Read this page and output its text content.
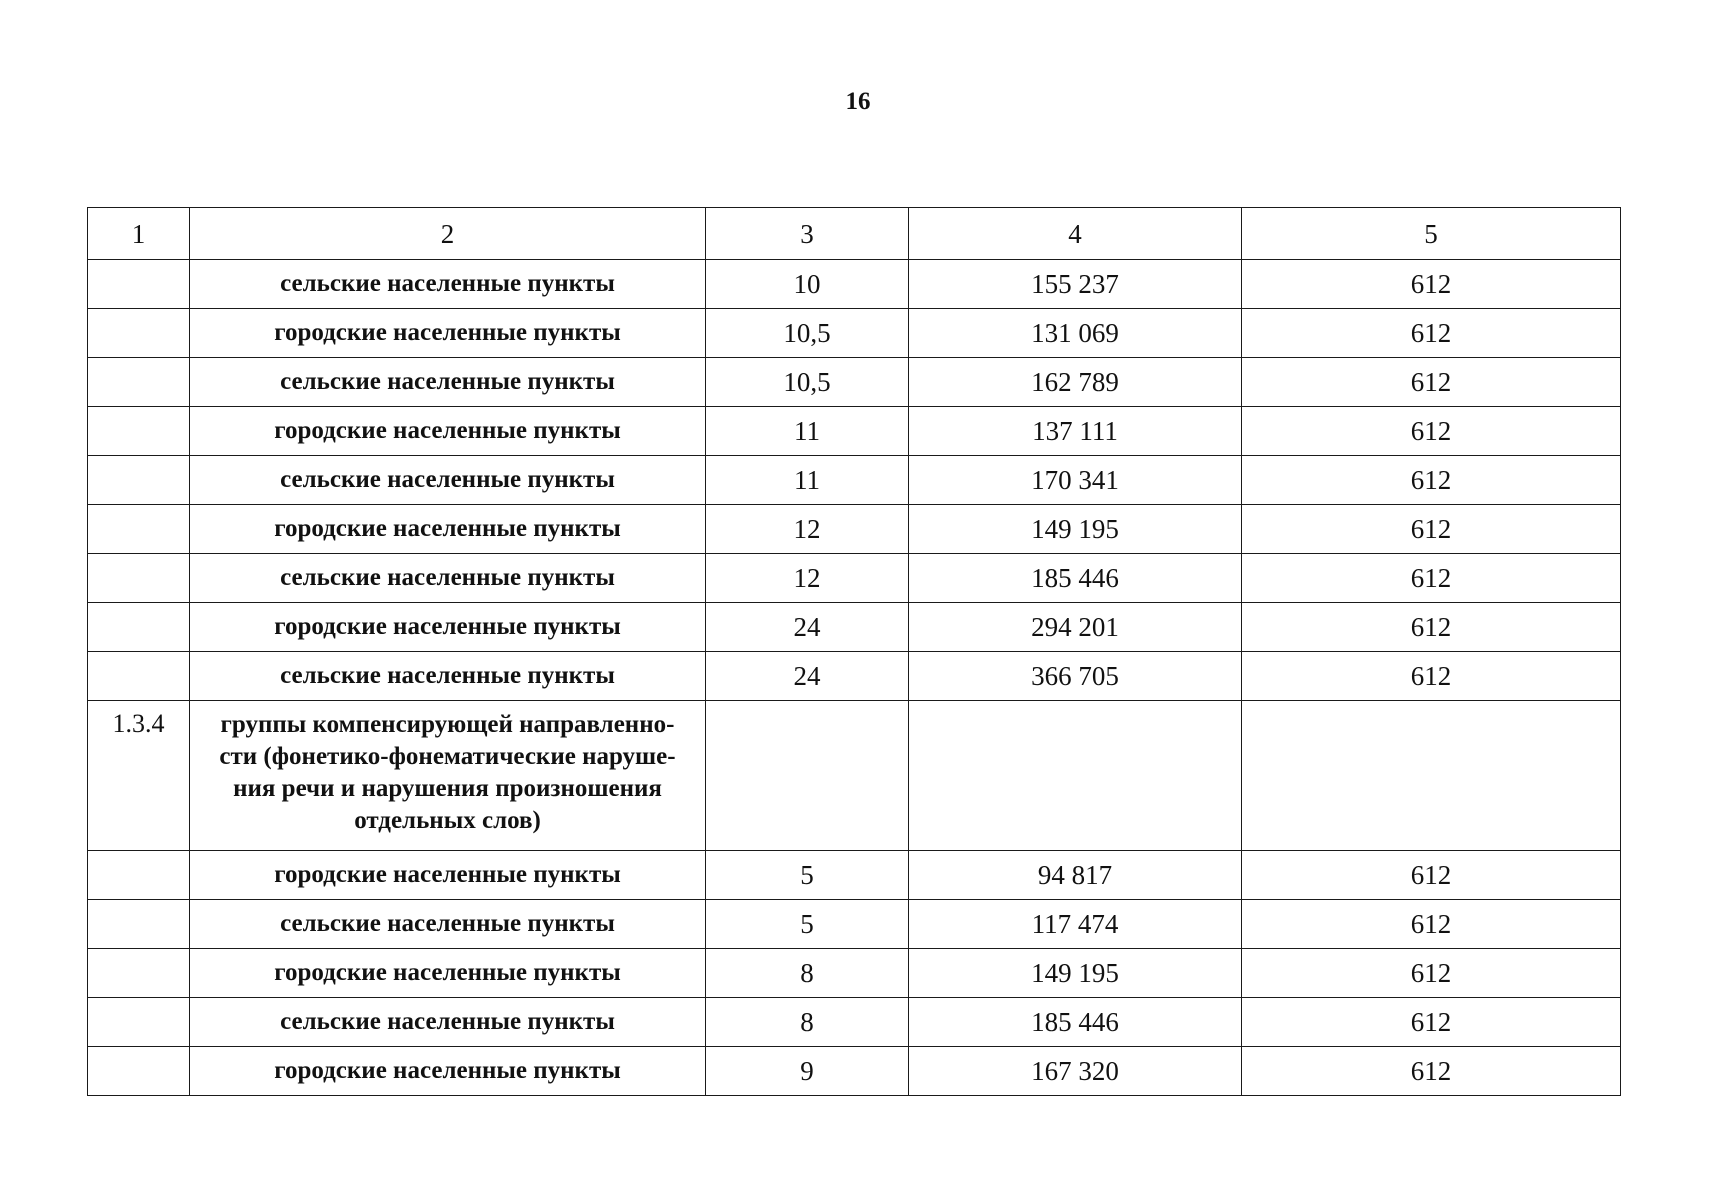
16
1	2	3	4	5
	сельские населенные пункты	10	155 237	612
	городские населенные пункты	10,5	131 069	612
	сельские населенные пункты	10,5	162 789	612
	городские населенные пункты	11	137 111	612
	сельские населенные пункты	11	170 341	612
	городские населенные пункты	12	149 195	612
	сельские населенные пункты	12	185 446	612
	городские населенные пункты	24	294 201	612
	сельские населенные пункты	24	366 705	612
1.3.4	группы компенсирующей направленно-
сти (фонетико-фонематические наруше-
ния речи и нарушения произношения
отдельных слов)			

	городские населенные пункты	5	94 817	612
	сельские населенные пункты	5	117 474	612
	городские населенные пункты	8	149 195	612
	сельские населенные пункты	8	185 446	612
	городские населенные пункты	9	167 320	612
